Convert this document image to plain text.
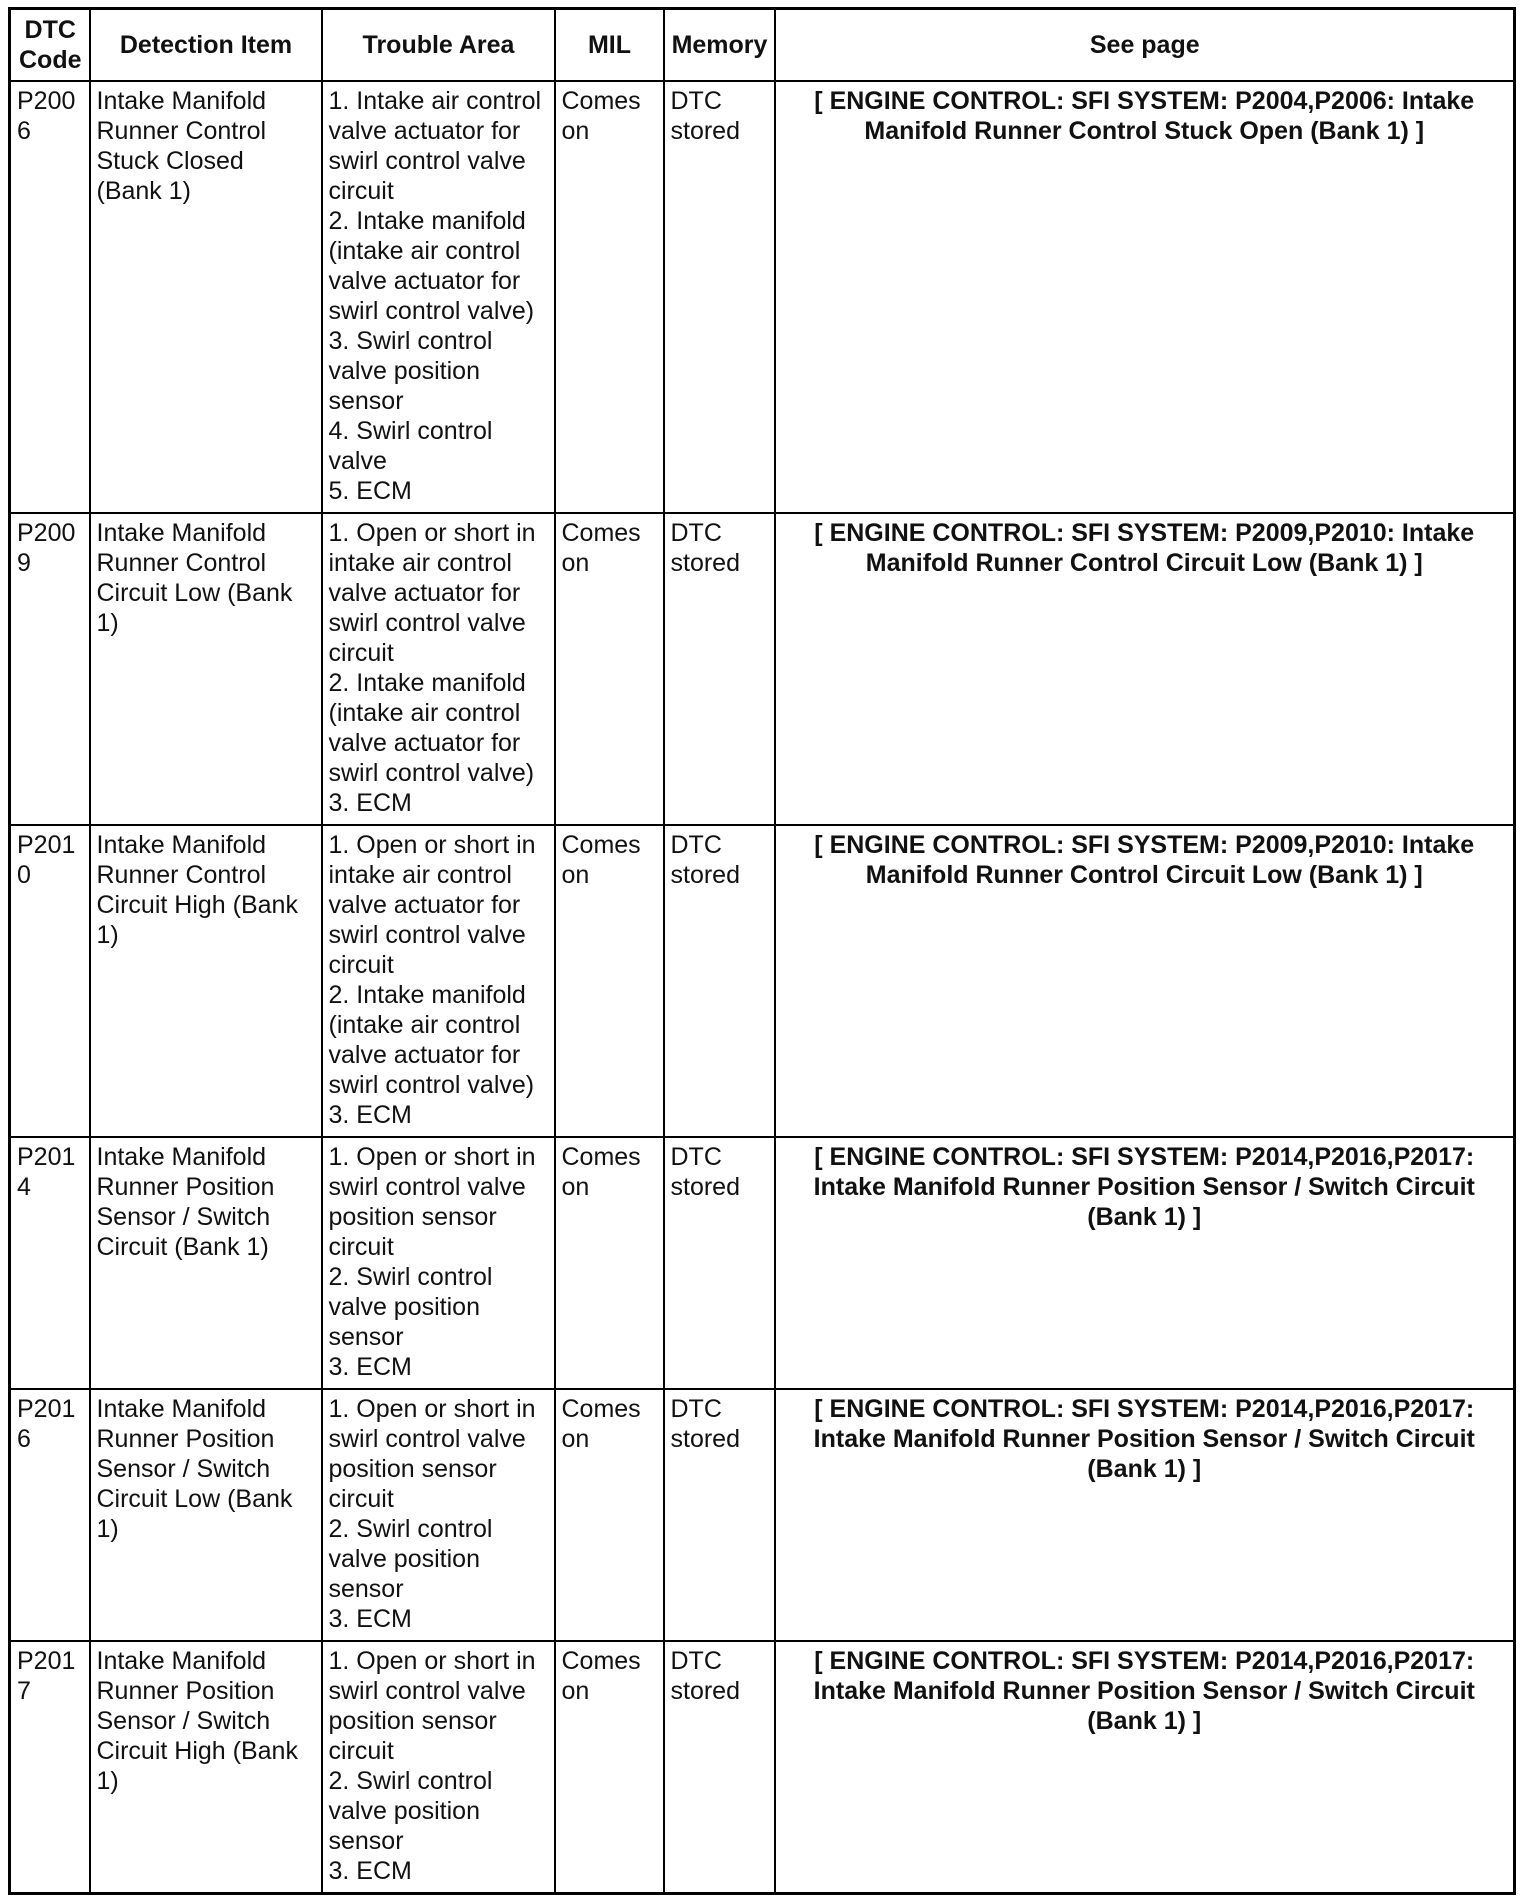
DTC Code	Detection Item	Trouble Area	MIL	Memory	See page
P2006	Intake Manifold Runner Control Stuck Closed (Bank 1)	1. Intake air control valve actuator for swirl control valve circuit
2. Intake manifold (intake air control valve actuator for swirl control valve)
3. Swirl control valve position sensor
4. Swirl control valve
5. ECM	Comes on	DTC stored	[ ENGINE CONTROL: SFI SYSTEM: P2004,P2006: Intake Manifold Runner Control Stuck Open (Bank 1) ]
P2009	Intake Manifold Runner Control Circuit Low (Bank 1)	1. Open or short in intake air control valve actuator for swirl control valve circuit
2. Intake manifold (intake air control valve actuator for swirl control valve)
3. ECM	Comes on	DTC stored	[ ENGINE CONTROL: SFI SYSTEM: P2009,P2010: Intake Manifold Runner Control Circuit Low (Bank 1) ]
P2010	Intake Manifold Runner Control Circuit High (Bank 1)	1. Open or short in intake air control valve actuator for swirl control valve circuit
2. Intake manifold (intake air control valve actuator for swirl control valve)
3. ECM	Comes on	DTC stored	[ ENGINE CONTROL: SFI SYSTEM: P2009,P2010: Intake Manifold Runner Control Circuit Low (Bank 1) ]
P2014	Intake Manifold Runner Position Sensor / Switch Circuit (Bank 1)	1. Open or short in swirl control valve position sensor circuit
2. Swirl control valve position sensor
3. ECM	Comes on	DTC stored	[ ENGINE CONTROL: SFI SYSTEM: P2014,P2016,P2017: Intake Manifold Runner Position Sensor / Switch Circuit (Bank 1) ]
P2016	Intake Manifold Runner Position Sensor / Switch Circuit Low (Bank 1)	1. Open or short in swirl control valve position sensor circuit
2. Swirl control valve position sensor
3. ECM	Comes on	DTC stored	[ ENGINE CONTROL: SFI SYSTEM: P2014,P2016,P2017: Intake Manifold Runner Position Sensor / Switch Circuit (Bank 1) ]
P2017	Intake Manifold Runner Position Sensor / Switch Circuit High (Bank 1)	1. Open or short in swirl control valve position sensor circuit
2. Swirl control valve position sensor
3. ECM	Comes on	DTC stored	[ ENGINE CONTROL: SFI SYSTEM: P2014,P2016,P2017: Intake Manifold Runner Position Sensor / Switch Circuit (Bank 1) ]
